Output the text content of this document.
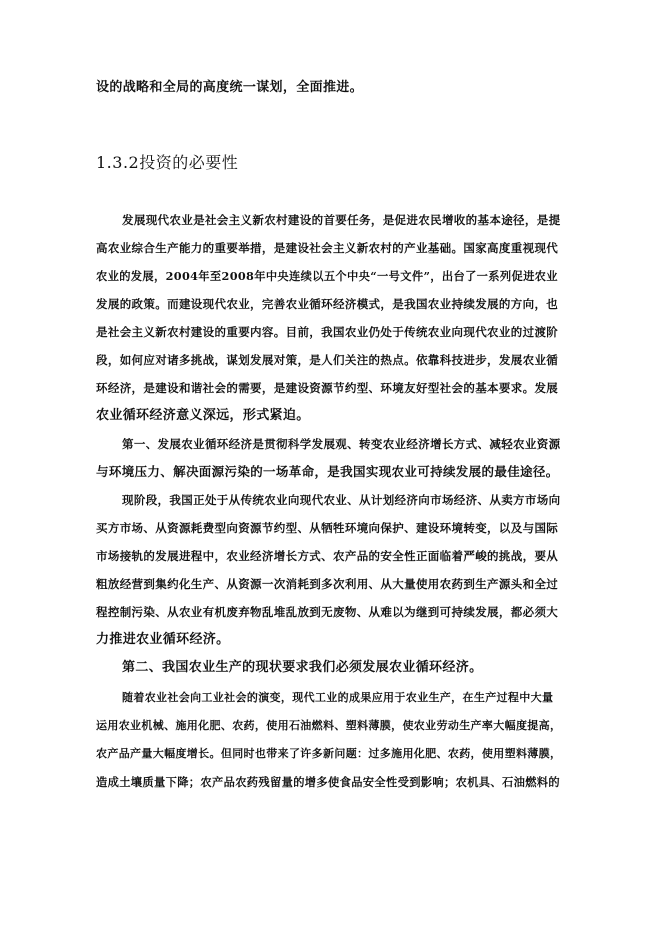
设的战略和全局的高度统一谋划，全面推进。
1.3.2投资的必要性
发展现代农业是社会主义新农村建设的首要任务，是促进农民增收的基本途径，是提
高农业综合生产能力的重要举措，是建设社会主义新农村的产业基础。国家高度重视现代
农业的发展，2004年至2008年中央连续以五个中央“一号文件”，出台了一系列促进农业
发展的政策。而建设现代农业，完善农业循环经济模式，是我国农业持续发展的方向，也
是社会主义新农村建设的重要内容。目前，我国农业仍处于传统农业向现代农业的过渡阶
段，如何应对诸多挑战，谋划发展对策，是人们关注的热点。依靠科技进步，发展农业循
环经济，是建设和谐社会的需要，是建设资源节约型、环境友好型社会的基本要求。发展
农业循环经济意义深远，形式紧迫。
第一、发展农业循环经济是贯彻科学发展观、转变农业经济增长方式、减轻农业资源
与环境压力、解决面源污染的一场革命，是我国实现农业可持续发展的最佳途径。
现阶段，我国正处于从传统农业向现代农业、从计划经济向市场经济、从卖方市场向
买方市场、从资源耗费型向资源节约型、从牺牲环境向保护、建设环境转变，以及与国际
市场接轨的发展进程中，农业经济增长方式、农产品的安全性正面临着严峻的挑战，要从
粗放经营到集约化生产、从资源一次消耗到多次利用、从大量使用农药到生产源头和全过
程控制污染、从农业有机废弃物乱堆乱放到无废物、从难以为继到可持续发展，都必须大
力推进农业循环经济。
第二、我国农业生产的现状要求我们必须发展农业循环经济。
随着农业社会向工业社会的演变，现代工业的成果应用于农业生产，在生产过程中大量
运用农业机械、施用化肥、农药，使用石油燃料、塑料薄膜，使农业劳动生产率大幅度提高，
农产品产量大幅度增长。但同时也带来了许多新问题：过多施用化肥、农药，使用塑料薄膜，
造成土壤质量下降；农产品农药残留量的增多使食品安全性受到影响；农机具、石油燃料的
